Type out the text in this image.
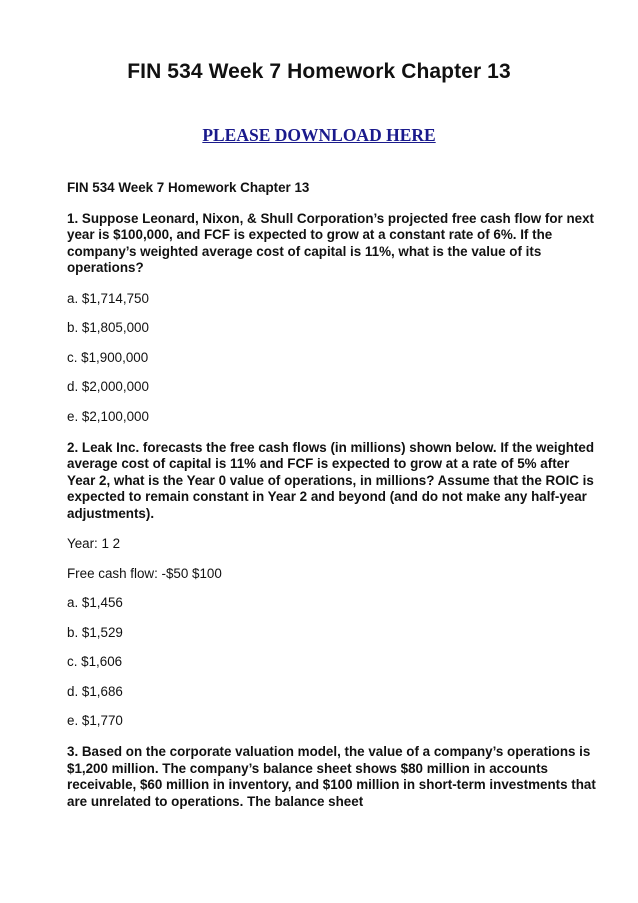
FIN 534 Week 7 Homework Chapter 13
PLEASE DOWNLOAD HERE

FIN 534 Week 7 Homework Chapter 13

1. Suppose Leonard, Nixon, & Shull Corporation’s projected free cash flow for next year is $100,000, and FCF is expected to grow at a constant rate of 6%. If the company’s weighted average cost of capital is 11%, what is the value of its operations?

a. $1,714,750

b. $1,805,000

c. $1,900,000

d. $2,000,000

e. $2,100,000

2. Leak Inc. forecasts the free cash flows (in millions) shown below. If the weighted average cost of capital is 11% and FCF is expected to grow at a rate of 5% after Year 2, what is the Year 0 value of operations, in millions? Assume that the ROIC is expected to remain constant in Year 2 and beyond (and do not make any half-year adjustments).

Year: 1 2

Free cash flow: -$50 $100

a. $1,456

b. $1,529

c. $1,606

d. $1,686

e. $1,770

3. Based on the corporate valuation model, the value of a company’s operations is $1,200 million. The company’s balance sheet shows $80 million in accounts receivable, $60 million in inventory, and $100 million in short-term investments that are unrelated to operations. The balance sheet
